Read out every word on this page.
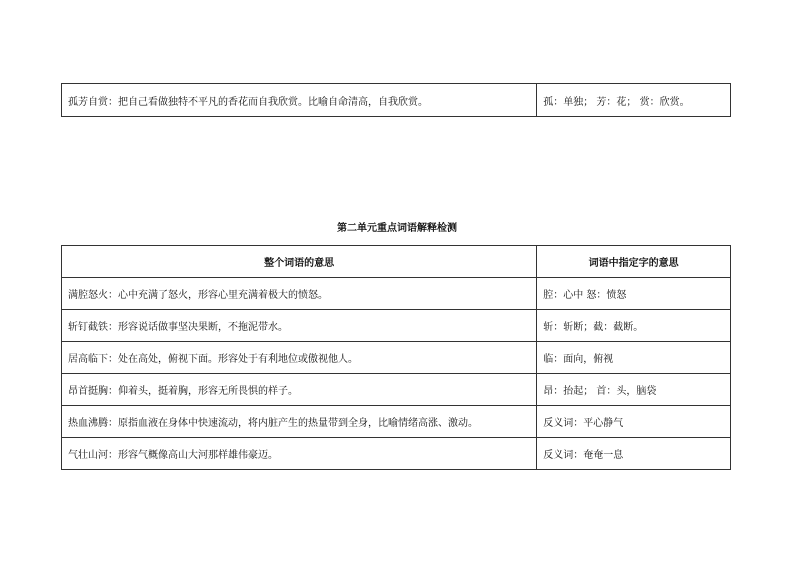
孤芳自赏：把自己看做独特不平凡的香花而自我欣赏。比喻自命清高，自我欣赏。	孤：单独； 芳：花； 赏：欣赏。
第二单元重点词语解释检测
整个词语的意思	词语中指定字的意思
满腔怒火：心中充满了怒火，形容心里充满着极大的愤怒。	腔：心中 怒：愤怒
斩钉截铁：形容说话做事坚决果断，不拖泥带水。	斩：斩断；截：截断。
居高临下：处在高处，俯视下面。形容处于有利地位或傲视他人。	临：面向，俯视
昂首挺胸：仰着头，挺着胸，形容无所畏惧的样子。	昂：抬起； 首：头，脑袋
热血沸腾：原指血液在身体中快速流动，将内脏产生的热量带到全身，比喻情绪高涨、激动。	反义词：平心静气
气壮山河：形容气概像高山大河那样雄伟豪迈。	反义词：奄奄一息
